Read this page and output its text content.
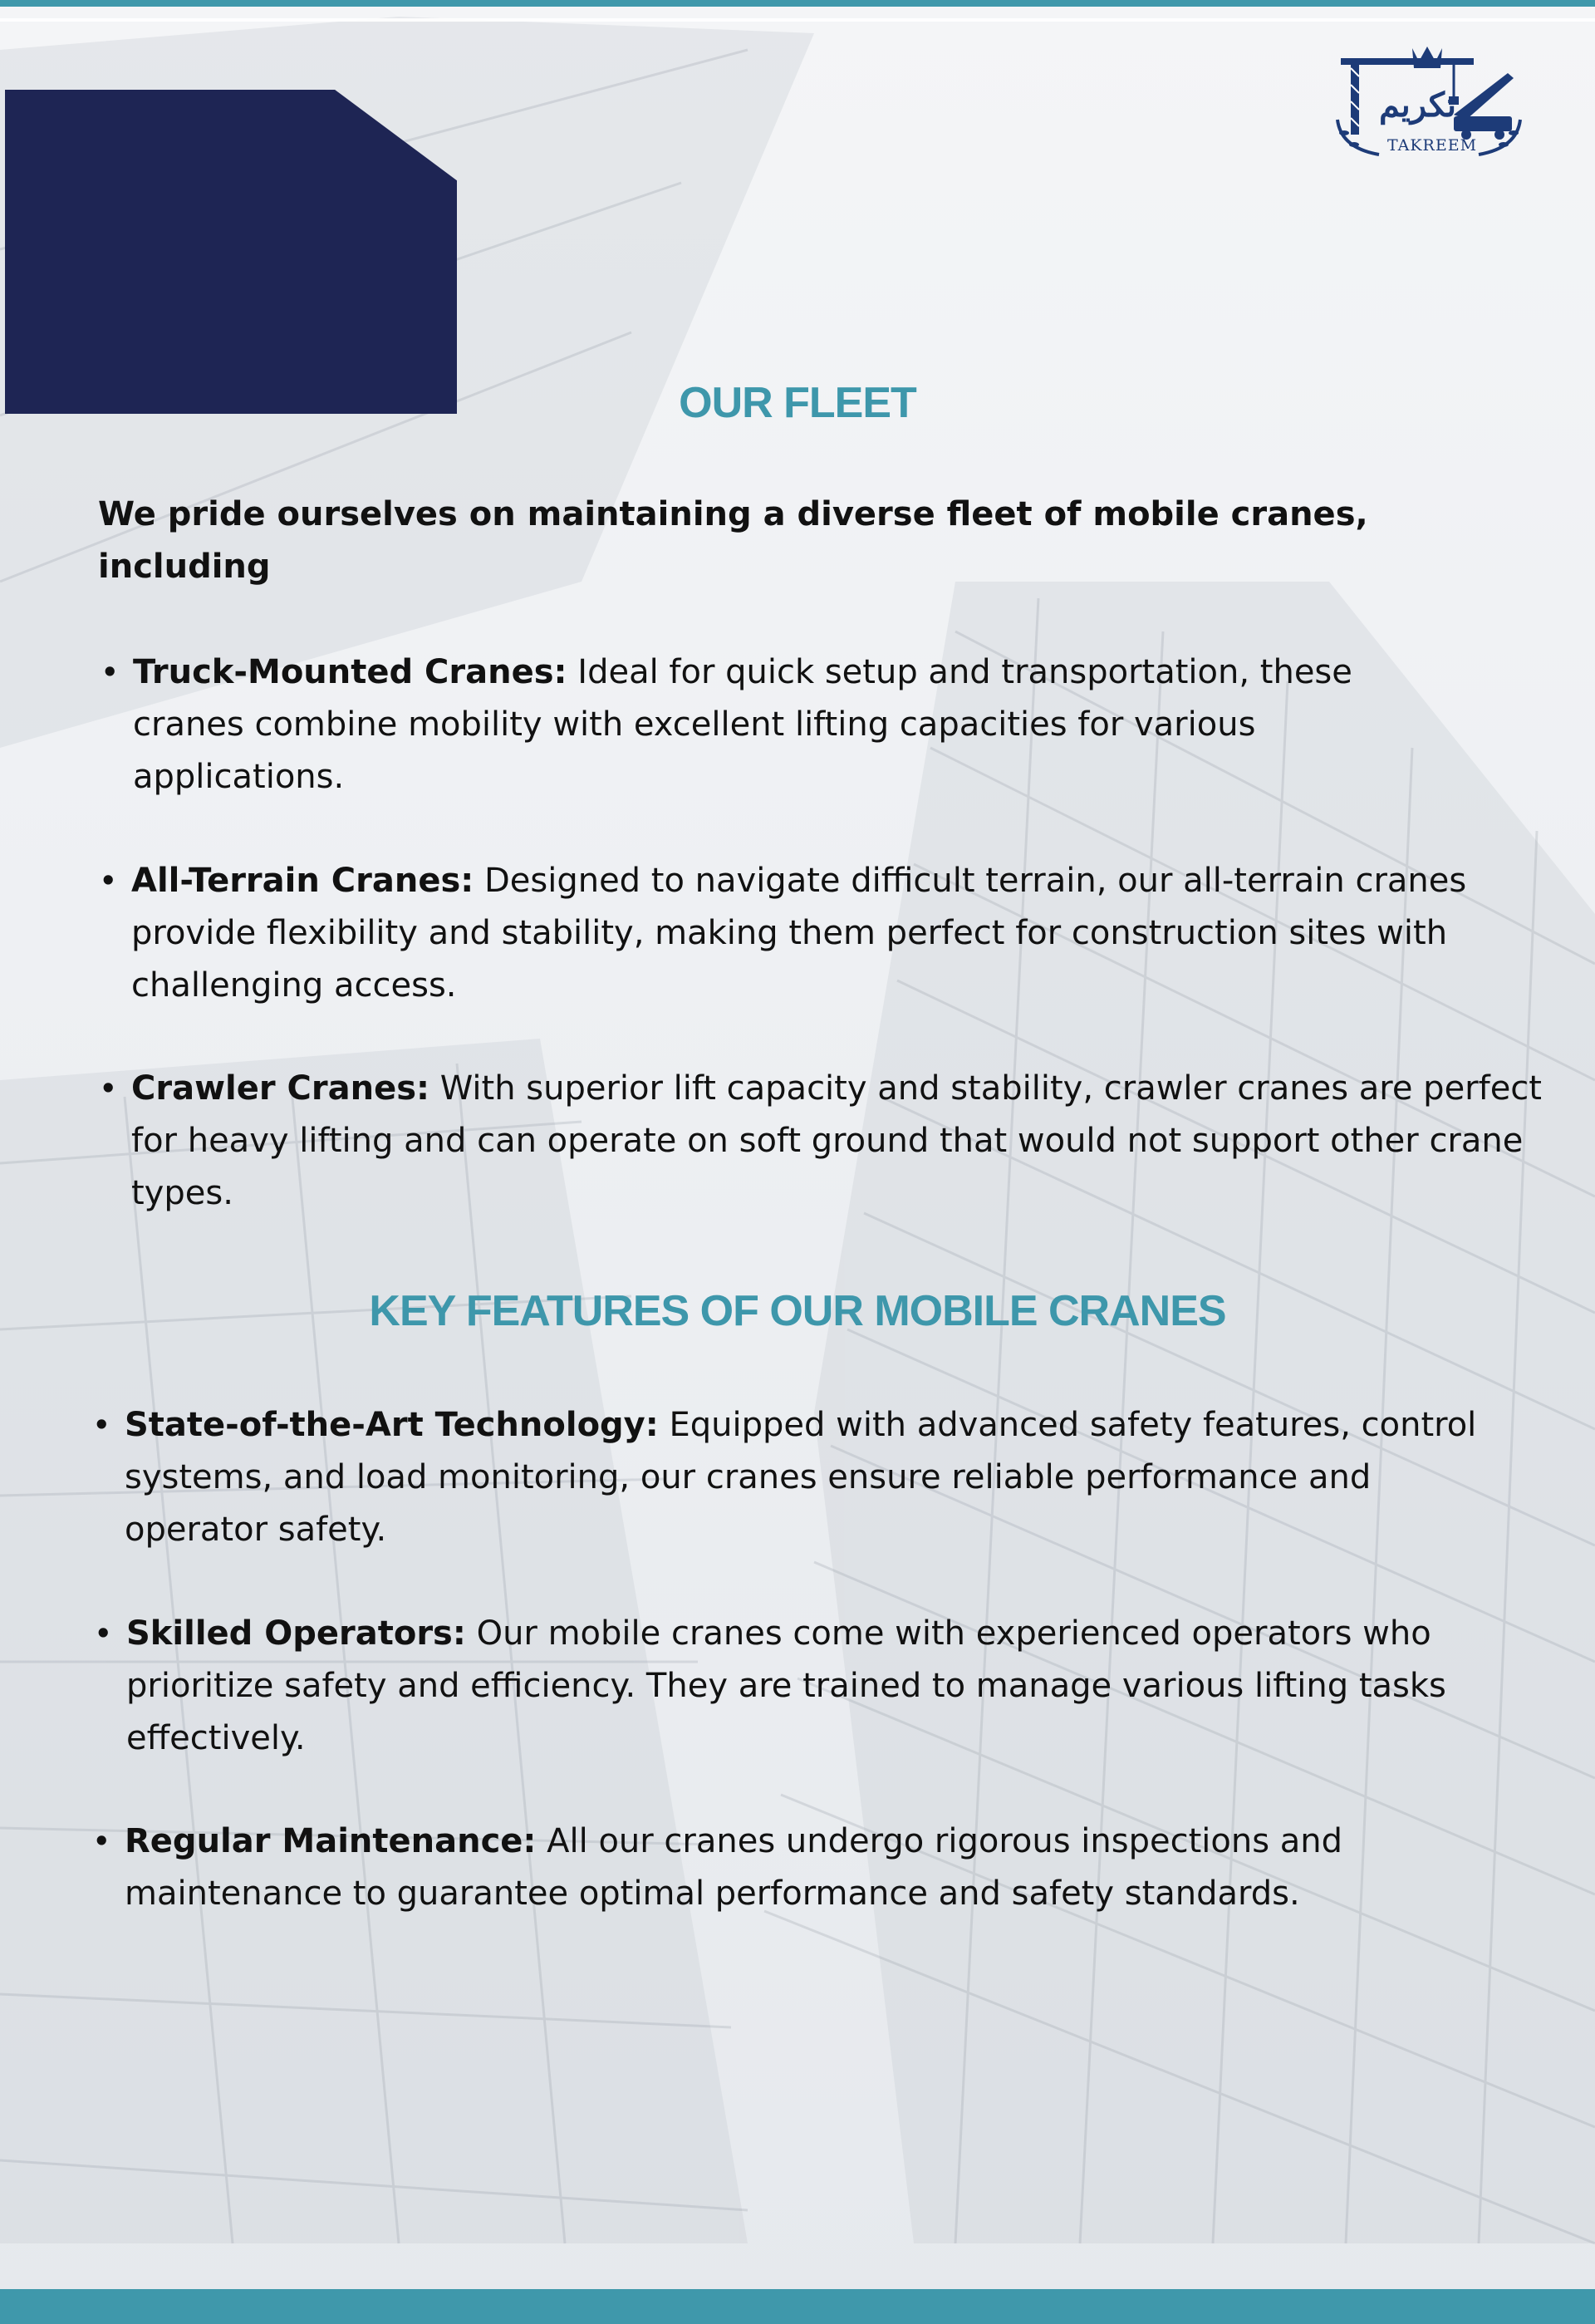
تكريم
TAKREEM
OUR FLEET

We pride ourselves on maintaining a diverse fleet of mobile cranes, including

• Truck-Mounted Cranes: Ideal for quick setup and transportation, these cranes combine mobility with excellent lifting capacities for various applications.
• All-Terrain Cranes: Designed to navigate difficult terrain, our all-terrain cranes provide flexibility and stability, making them perfect for construction sites with challenging access.
• Crawler Cranes: With superior lift capacity and stability, crawler cranes are perfect for heavy lifting and can operate on soft ground that would not support other crane types.
KEY FEATURES OF OUR MOBILE CRANES
• State-of-the-Art Technology: Equipped with advanced safety features, control systems, and load monitoring, our cranes ensure reliable performance and operator safety.
• Skilled Operators: Our mobile cranes come with experienced operators who prioritize safety and efficiency. They are trained to manage various lifting tasks effectively.
• Regular Maintenance: All our cranes undergo rigorous inspections and maintenance to guarantee optimal performance and safety standards.
